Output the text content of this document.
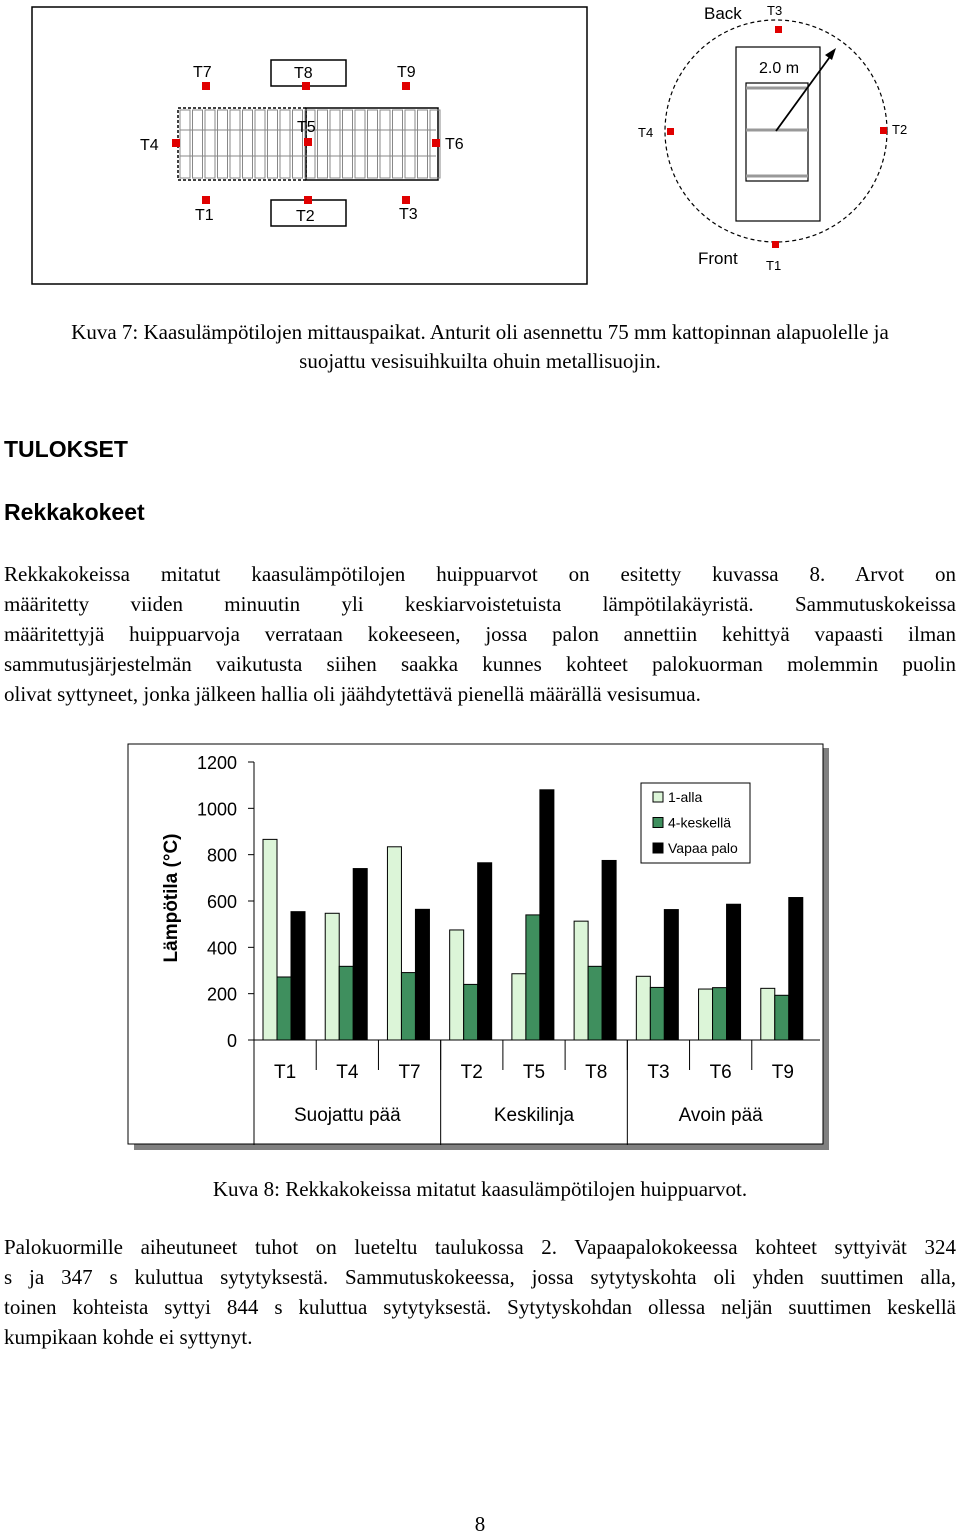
T7	T8	T9
T4
T5
T6
T1	T2	T3
Back T3
2.0 m
T2
T4
Front T1
Kuva 7: Kaasulämpötilojen mittauspaikat. Anturit oli asennettu 75 mm kattopinnan alapuolelle ja
suojattu vesisuihkuilta ohuin metallisuojin.
TULOKSET
Rekkakokeet
Rekkakokeissa mitatut kaasulämpötilojen huippuarvot on esitetty kuvassa 8. Arvot on
määritetty viiden minuutin yli keskiarvoistetuista lämpötilakäyristä. Sammutuskokeissa
määritettyjä huippuarvoja verrataan kokeeseen, jossa palon annettiin kehittyä vapaasti ilman
sammutusjärjestelmän vaikutusta siihen saakka kunnes kohteet palokuorman molemmin puolin
olivat syttyneet, jonka jälkeen hallia oli jäähdytettävä pienellä määrällä vesisumua.
Lämpötila (°C)
0
200
400
600
800
1000
1200
T1 T4 T7 T2 T5 T8 T3 T6 T9
Suojattu pää	Keskilinja	Avoin pää
1-alla
4-keskellä
Vapaa palo
Kuva 8: Rekkakokeissa mitatut kaasulämpötilojen huippuarvot.
Palokuormille aiheutuneet tuhot on lueteltu taulukossa 2. Vapaapalokokeessa kohteet syttyivät 324
s ja 347 s kuluttua sytytyksestä. Sammutuskokeessa, jossa sytytyskohta oli yhden suuttimen alla,
toinen kohteista syttyi 844 s kuluttua sytytyksestä. Sytytyskohdan ollessa neljän suuttimen keskellä
kumpikaan kohde ei syttynyt.
8
